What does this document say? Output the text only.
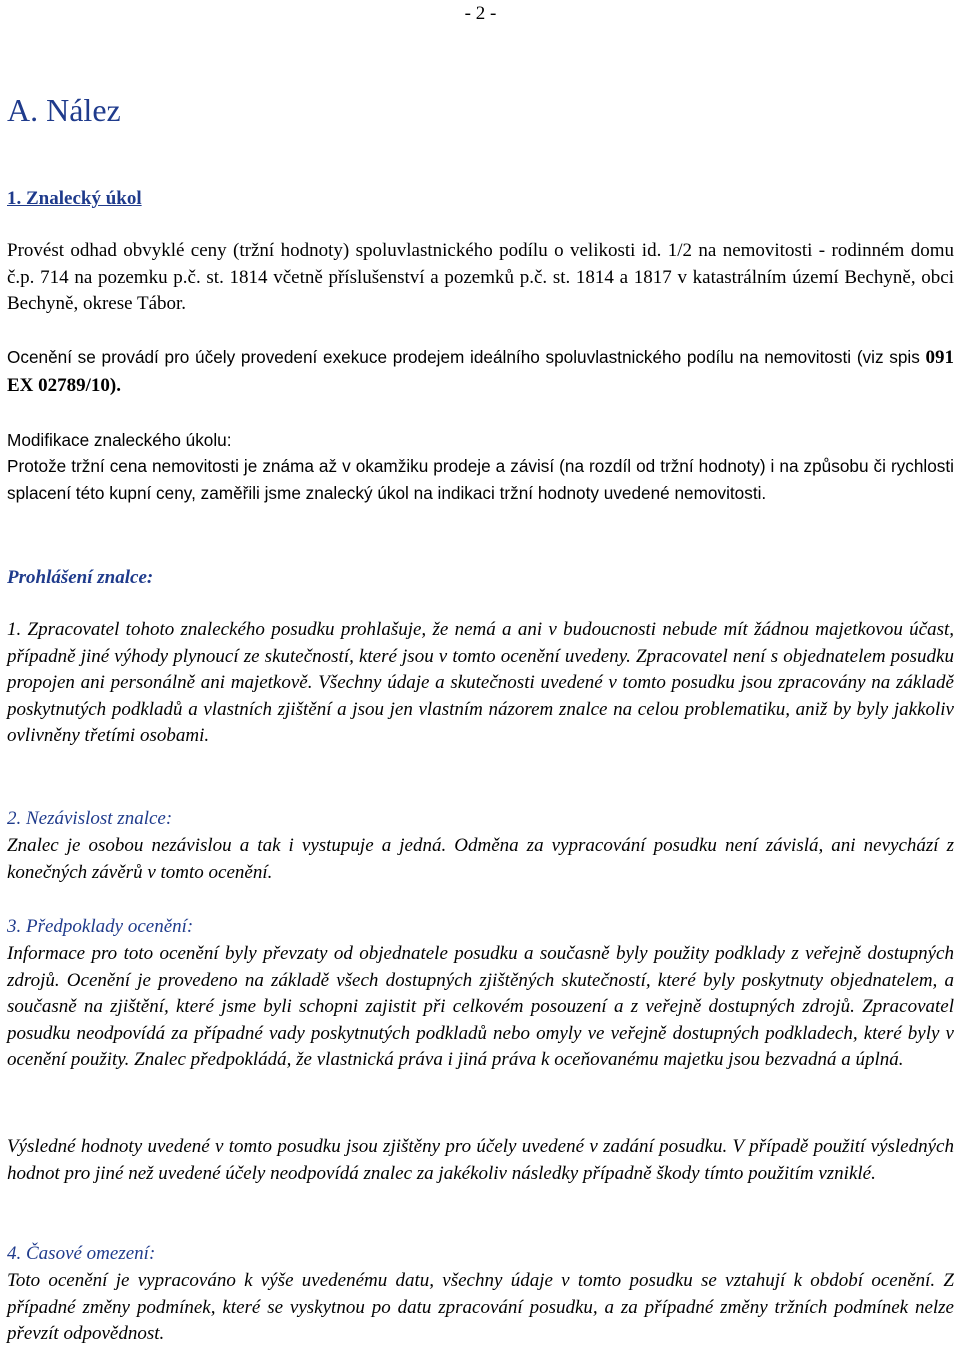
- 2 -
A. Nález
1. Znalecký úkol

Provést odhad obvyklé ceny (tržní hodnoty) spoluvlastnického podílu o velikosti id. 1/2 na nemovitosti - rodinném domu č.p. 714 na pozemku p.č. st. 1814 včetně příslušenství a pozemků p.č. st. 1814 a 1817 v katastrálním území Bechyně, obci Bechyně, okrese Tábor.

Ocenění se provádí pro účely provedení exekuce prodejem ideálního spoluvlastnického podílu na nemovitosti (viz spis 091 EX 02789/10).

Modifikace znaleckého úkolu:

Protože tržní cena nemovitosti je známa až v okamžiku prodeje a závisí (na rozdíl od tržní hodnoty) i na způsobu či rychlosti splacení této kupní ceny, zaměřili jsme znalecký úkol na indikaci tržní hodnoty uvedené nemovitosti.

Prohlášení znalce:

1. Zpracovatel tohoto znaleckého posudku prohlašuje, že nemá a ani v budoucnosti nebude mít žádnou majetkovou účast, případně jiné výhody plynoucí ze skutečností, které jsou v tomto ocenění uvedeny. Zpracovatel není s objednatelem posudku propojen ani personálně ani majetkově. Všechny údaje a skutečnosti uvedené v tomto posudku jsou zpracovány na základě poskytnutých podkladů a vlastních zjištění a jsou jen vlastním názorem znalce na celou problematiku, aniž by byly jakkoliv ovlivněny třetími osobami.

2. Nezávislost znalce:

Znalec je osobou nezávislou a tak i vystupuje a jedná. Odměna za vypracování posudku není závislá, ani nevychází z konečných závěrů v tomto ocenění.

3. Předpoklady ocenění:

Informace pro toto ocenění byly převzaty od objednatele posudku a současně byly použity podklady z veřejně dostupných zdrojů. Ocenění je provedeno na základě všech dostupných zjištěných skutečností, které byly poskytnuty objednatelem, a současně na zjištění, které jsme byli schopni zajistit při celkovém posouzení a z veřejně dostupných zdrojů. Zpracovatel posudku neodpovídá za případné vady poskytnutých podkladů nebo omyly ve veřejně dostupných podkladech, které byly v ocenění použity. Znalec předpokládá, že vlastnická práva i jiná práva k oceňovanému majetku jsou bezvadná a úplná.

Výsledné hodnoty uvedené v tomto posudku jsou zjištěny pro účely uvedené v zadání posudku. V případě použití výsledných hodnot pro jiné než uvedené účely neodpovídá znalec za jakékoliv následky případně škody tímto použitím vzniklé.

4. Časové omezení:

Toto ocenění je vypracováno k výše uvedenému datu, všechny údaje v tomto posudku se vztahují k období ocenění. Z případné změny podmínek, které se vyskytnou po datu zpracování posudku, a za případné změny tržních podmínek nelze převzít odpovědnost.
